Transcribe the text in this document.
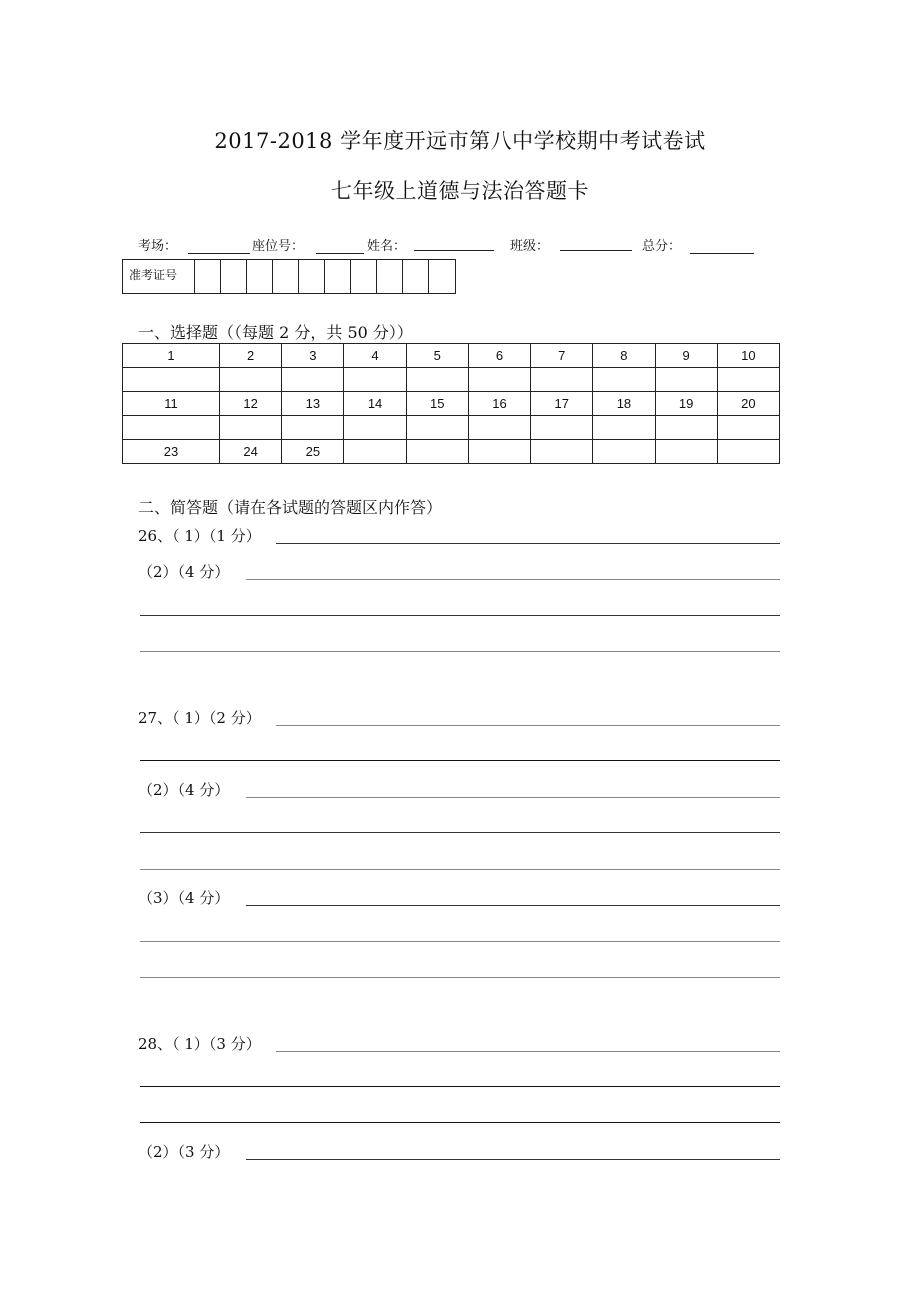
2017-2018 学年度开远市第八中学校期中考试卷试
七年级上道德与法治答题卡
考场：	座位号：	姓名：	班级：	总分：
准考证号
一、选择题（（每题 2 分，共 50 分））
1	2	3	4	5	6	7	8	9	10

11	12	13	14	15	16	17	18	19	20

23	24	25							
二、简答题（请在各试题的答题区内作答）
26、（ 1）（1 分）
（2）（4 分）
27、（ 1）（2 分）
（2）（4 分）
（3）（4 分）
28、（ 1）（3 分）
（2）（3 分）
